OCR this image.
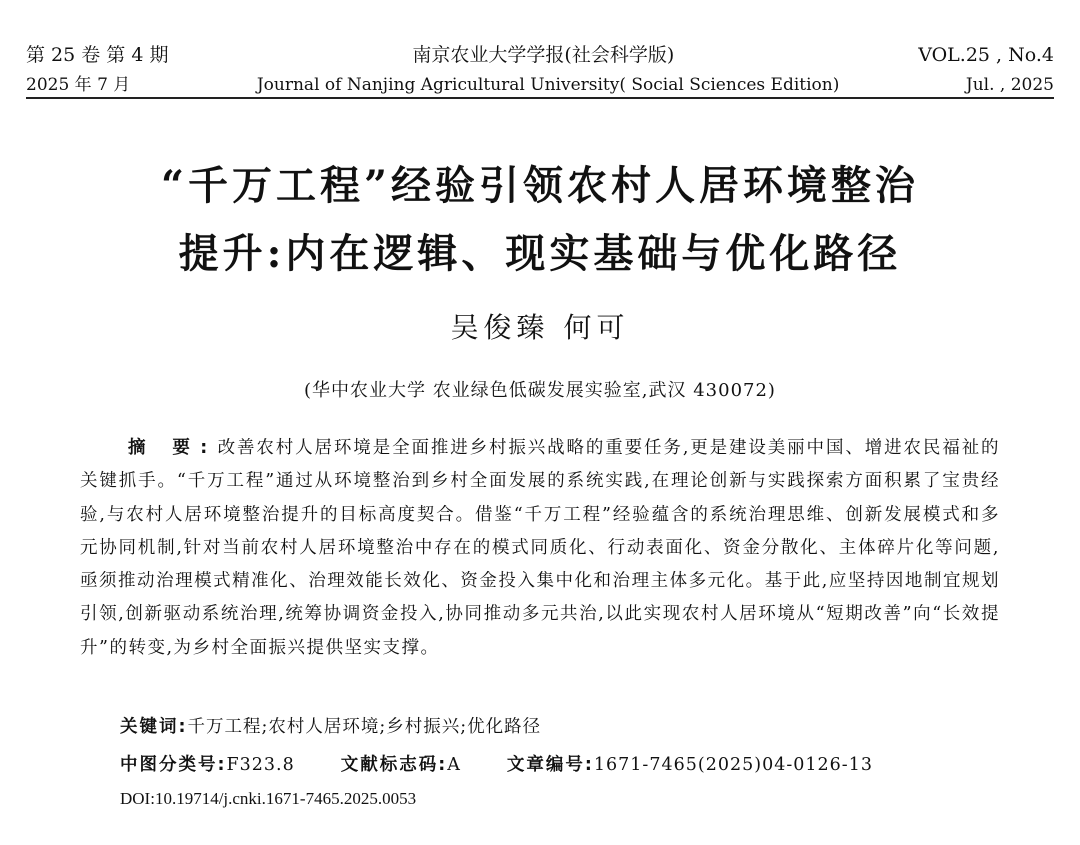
第 25 卷 第 4 期	南京农业大学学报(社会科学版)	VOL.25 , No.4
2025 年 7 月	Journal of Nanjing Agricultural University( Social Sciences Edition)	Jul. , 2025
“千万工程”经验引领农村人居环境整治
提升:内在逻辑、现实基础与优化路径
吴俊臻 何可
(华中农业大学 农业绿色低碳发展实验室,武汉 430072)
摘 要:改善农村人居环境是全面推进乡村振兴战略的重要任务,更是建设美丽中国、增进农民福祉的关键抓手。“千万工程”通过从环境整治到乡村全面发展的系统实践,在理论创新与实践探索方面积累了宝贵经验,与农村人居环境整治提升的目标高度契合。借鉴“千万工程”经验蕴含的系统治理思维、创新发展模式和多元协同机制,针对当前农村人居环境整治中存在的模式同质化、行动表面化、资金分散化、主体碎片化等问题,亟须推动治理模式精准化、治理效能长效化、资金投入集中化和治理主体多元化。基于此,应坚持因地制宜规划引领,创新驱动系统治理,统筹协调资金投入,协同推动多元共治,以此实现农村人居环境从“短期改善”向“长效提升”的转变,为乡村全面振兴提供坚实支撑。
关键词:千万工程;农村人居环境;乡村振兴;优化路径
中图分类号:F323.8	文献标志码:A	文章编号:1671-7465(2025)04-0126-13
DOI:10.19714/j.cnki.1671-7465.2025.0053
